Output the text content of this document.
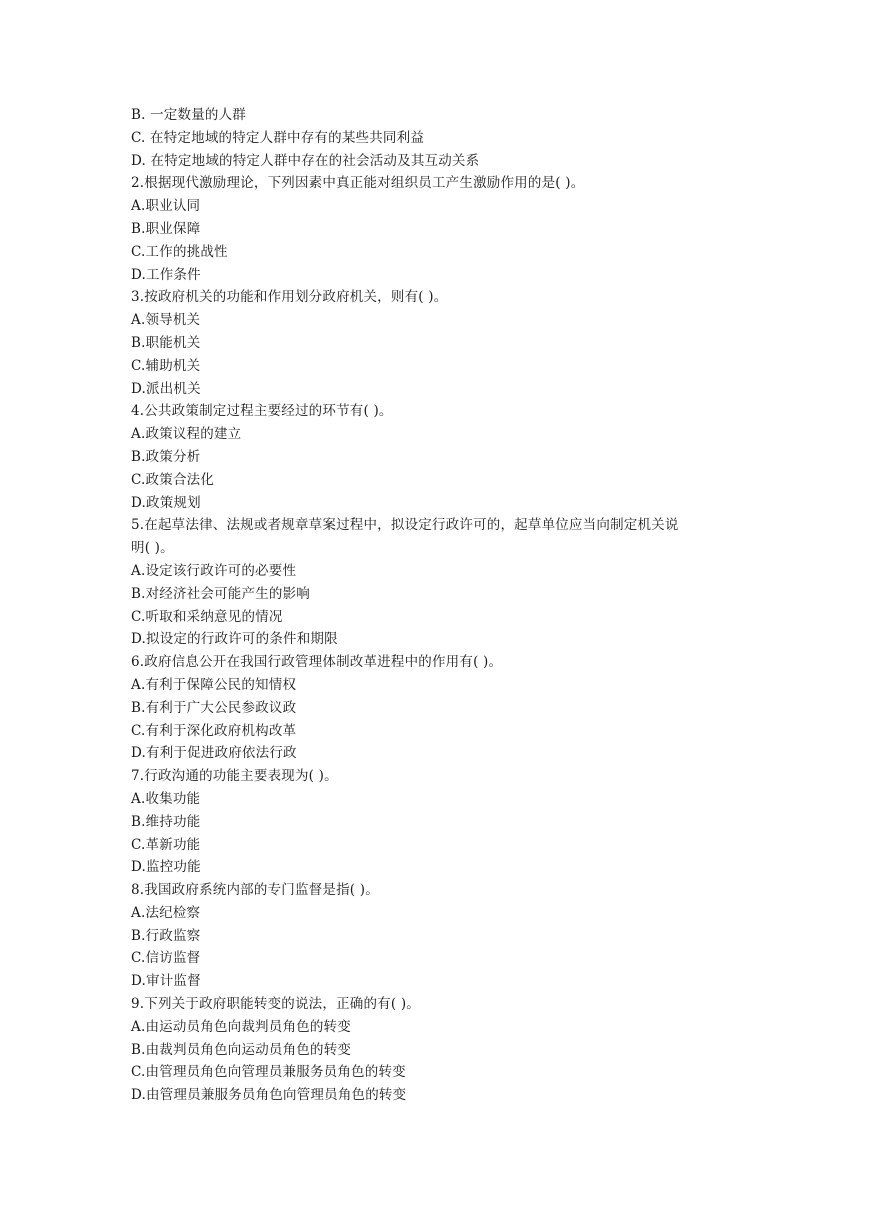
B. 一定数量的人群
C. 在特定地域的特定人群中存有的某些共同利益
D. 在特定地域的特定人群中存在的社会活动及其互动关系
2.根据现代激励理论，下列因素中真正能对组织员工产生激励作用的是( )。
A.职业认同
B.职业保障
C.工作的挑战性
D.工作条件
3.按政府机关的功能和作用划分政府机关，则有( )。
A.领导机关
B.职能机关
C.辅助机关
D.派出机关
4.公共政策制定过程主要经过的环节有( )。
A.政策议程的建立
B.政策分析
C.政策合法化
D.政策规划
5.在起草法律、法规或者规章草案过程中，拟设定行政许可的，起草单位应当向制定机关说
明( )。
A.设定该行政许可的必要性
B.对经济社会可能产生的影响
C.听取和采纳意见的情况
D.拟设定的行政许可的条件和期限
6.政府信息公开在我国行政管理体制改革进程中的作用有( )。
A.有利于保障公民的知情权
B.有利于广大公民参政议政
C.有利于深化政府机构改革
D.有利于促进政府依法行政
7.行政沟通的功能主要表现为( )。
A.收集功能
B.维持功能
C.革新功能
D.监控功能
8.我国政府系统内部的专门监督是指( )。
A.法纪检察
B.行政监察
C.信访监督
D.审计监督
9.下列关于政府职能转变的说法，正确的有( )。
A.由运动员角色向裁判员角色的转变
B.由裁判员角色向运动员角色的转变
C.由管理员角色向管理员兼服务员角色的转变
D.由管理员兼服务员角色向管理员角色的转变
